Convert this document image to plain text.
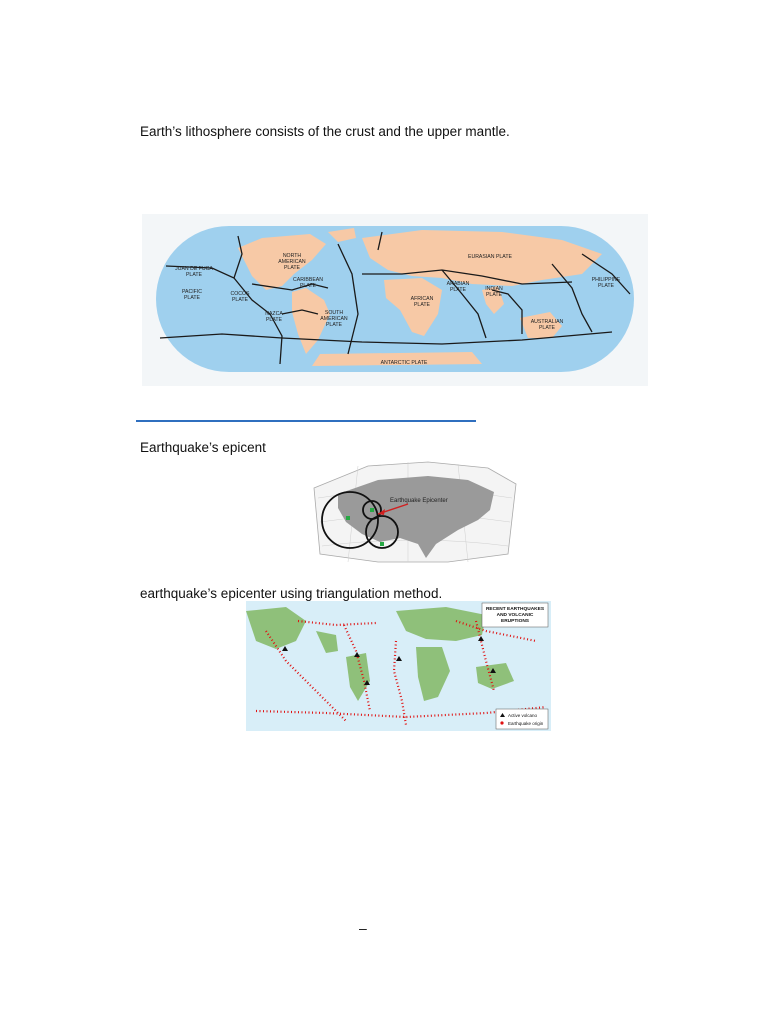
Earth’s lithosphere consists of the crust and the upper mantle.
NORTH
AMERICAN
PLATE
EURASIAN PLATE
JUAN DE FUCA
PLATE
CARIBBEAN
PLATE
PHILIPPINE
PLATE
ARABIAN
PLATE	INDIAN
PLATE
PACIFIC
PLATE
COCOS
PLATE	AFRICAN
PLATE
NAZCA
PLATE
SOUTH
AMERICAN
PLATE	AUSTRALIAN
PLATE
ANTARCTIC PLATE
Earthquake’s epicent
Earthquake Epicenter
earthquake’s epicenter using triangulation method.
RECENT EARTHQUAKES
AND VOLCANIC
ERUPTIONS
Active volcano
Earthquake origin
–
